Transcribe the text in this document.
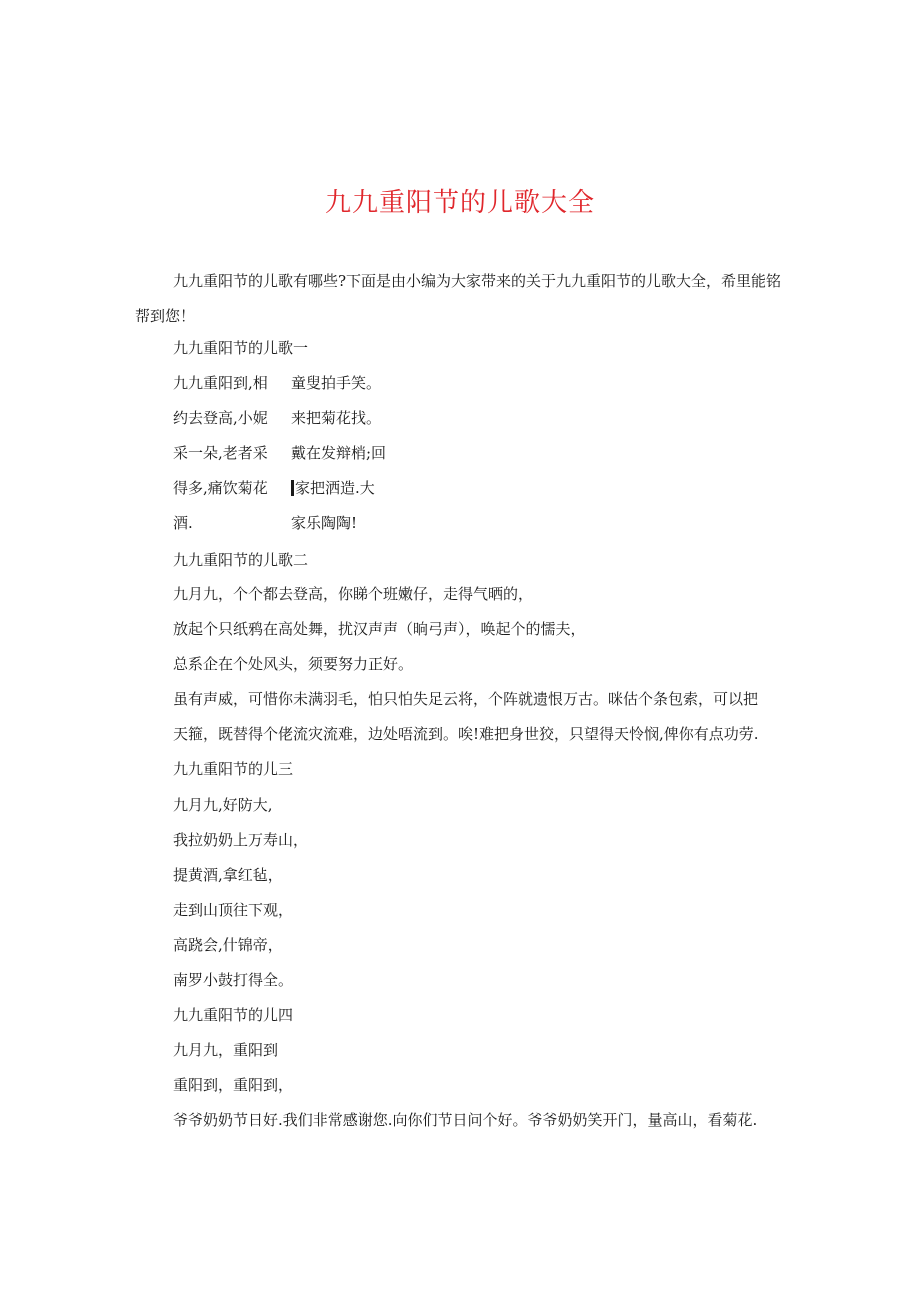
九九重阳节的儿歌大全

九九重阳节的儿歌有哪些?下面是由小编为大家带来的关于九九重阳节的儿歌大全，希里能铭帮到您！

九九重阳节的儿歌一
九九重阳到,相
约去登高,小妮
采一朵,老者采
得多,痛饮菊花
酒.
童叟拍手笑。
来把菊花找。
戴在发辩梢;回
家把洒造.大
家乐陶陶!
九九重阳节的儿歌二
九月九，个个都去登高，你睇个班嫩仔，走得气晒的，
放起个只纸鸦在高处舞，扰汉声声（晌弓声），唤起个的懦夫，
总系企在个处风头，须要努力正好。
虽有声威，可惜你未满羽毛，怕只怕失足云将，个阵就遗恨万古。咪估个条包索，可以把
天箍，既替得个佬流灾流难，边处唔流到。唉!难把身世狡，只望得天怜悯,俾你有点功劳.
九九重阳节的儿三
九月九,好防大,
我拉奶奶上万寿山，
提黄酒,拿红毡，
走到山顶往下观，
高跷会,什锦帝，
南罗小鼓打得全。
九九重阳节的儿四
九月九，重阳到
重阳到，重阳到，
爷爷奶奶节日好.我们非常感谢您.向你们节日问个好。爷爷奶奶笑开门，量高山，看菊花.
